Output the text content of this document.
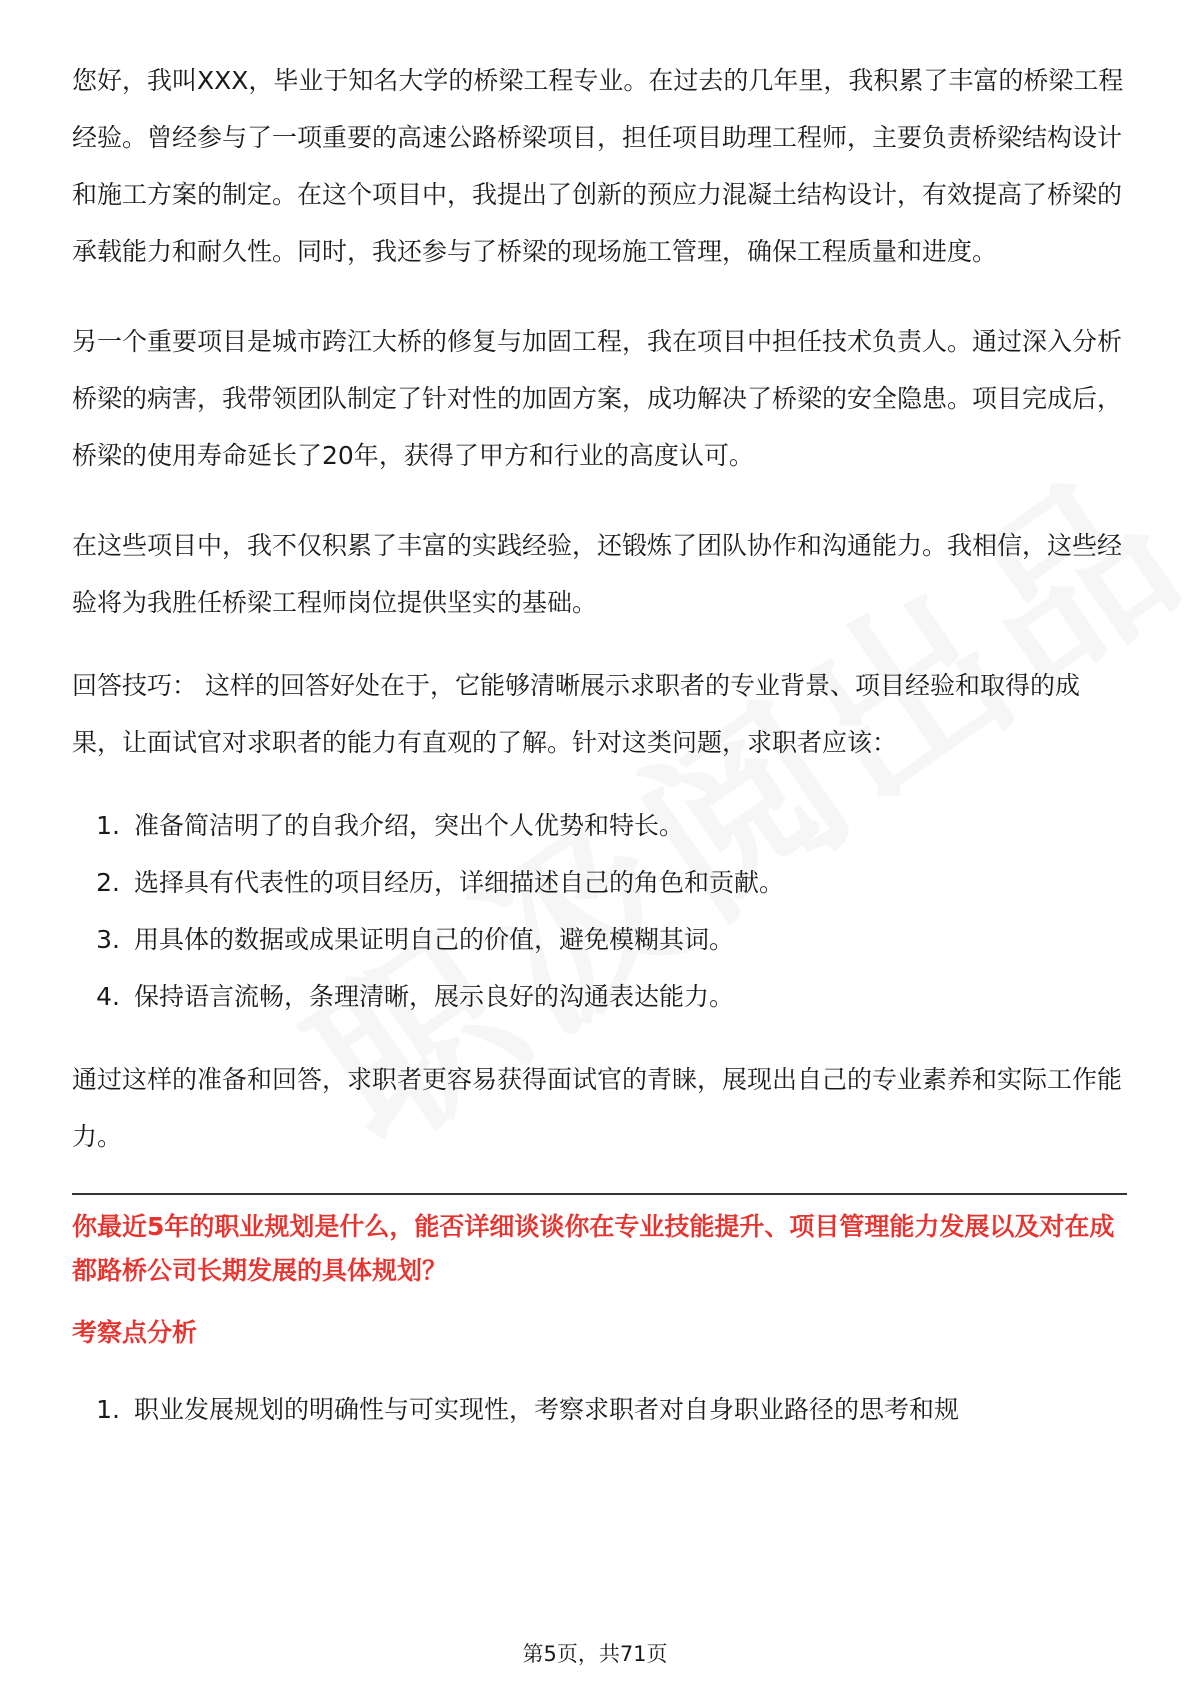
您好，我叫XXX，毕业于知名大学的桥梁工程专业。在过去的几年里，我积累了丰富的桥梁工程经验。曾经参与了一项重要的高速公路桥梁项目，担任项目助理工程师，主要负责桥梁结构设计和施工方案的制定。在这个项目中，我提出了创新的预应力混凝土结构设计，有效提高了桥梁的承载能力和耐久性。同时，我还参与了桥梁的现场施工管理，确保工程质量和进度。

另一个重要项目是城市跨江大桥的修复与加固工程，我在项目中担任技术负责人。通过深入分析桥梁的病害，我带领团队制定了针对性的加固方案，成功解决了桥梁的安全隐患。项目完成后，桥梁的使用寿命延长了20年，获得了甲方和行业的高度认可。

在这些项目中，我不仅积累了丰富的实践经验，还锻炼了团队协作和沟通能力。我相信，这些经验将为我胜任桥梁工程师岗位提供坚实的基础。

回答技巧： 这样的回答好处在于，它能够清晰展示求职者的专业背景、项目经验和取得的成果，让面试官对求职者的能力有直观的了解。针对这类问题，求职者应该：

1. 准备简洁明了的自我介绍，突出个人优势和特长。
2. 选择具有代表性的项目经历，详细描述自己的角色和贡献。
3. 用具体的数据或成果证明自己的价值，避免模糊其词。
4. 保持语言流畅，条理清晰，展示良好的沟通表达能力。

通过这样的准备和回答，求职者更容易获得面试官的青睐，展现出自己的专业素养和实际工作能力。

你最近5年的职业规划是什么，能否详细谈谈你在专业技能提升、项目管理能力发展以及对在成都路桥公司长期发展的具体规划？

考察点分析

1. 职业发展规划的明确性与可实现性，考察求职者对自身职业路径的思考和规
第5页，共71页
